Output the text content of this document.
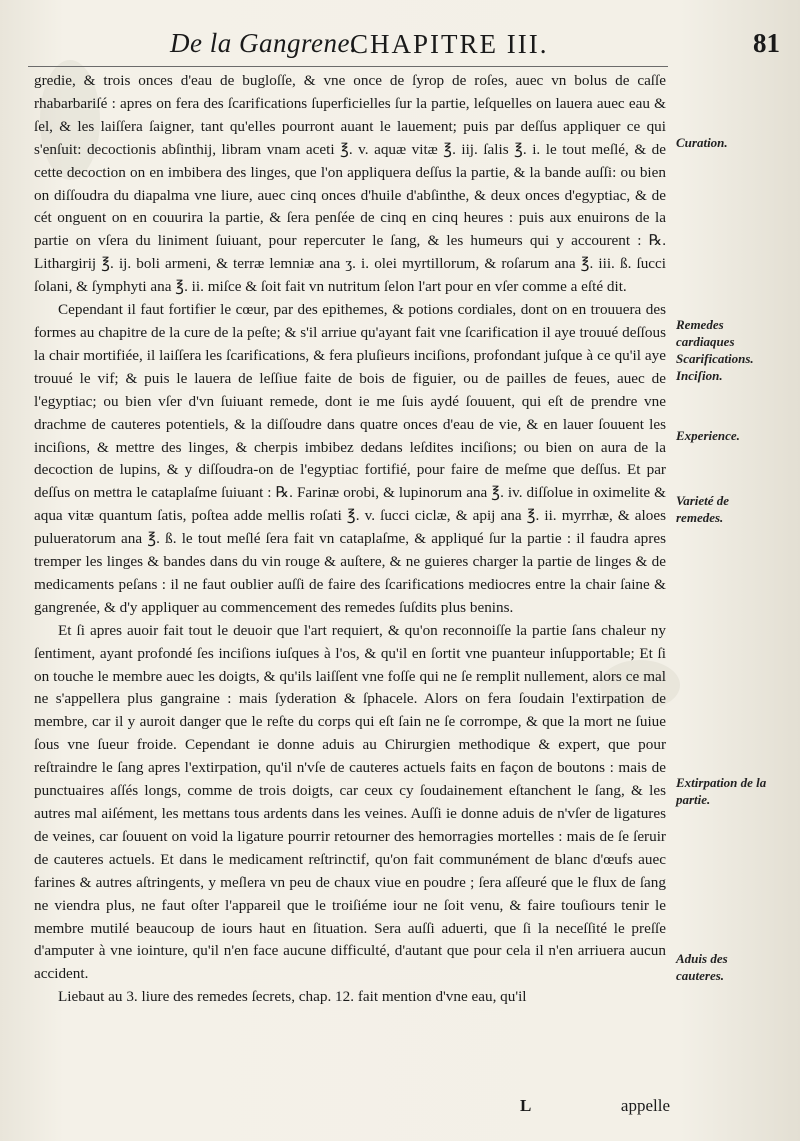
De la Gangrene.
CHAPITRE III.	81

gredie, & trois onces d'eau de bugloſſe, & vne once de ſyrop de roſes, auec vn bolus de caſſe rhabarbariſé : apres on fera des ſcarifications ſuperficielles ſur la partie, leſquelles on lauera auec eau & ſel, & les laiſſera ſaigner, tant qu'elles pourront auant le lauement; puis par deſſus appliquer ce qui s'enſuit: decoctionis abſinthij, libram vnam aceti ℥. v. aquæ vitæ ℥. iij. ſalis ℥. i. le tout meſlé, & de cette decoction on en imbibera des linges, que l'on appliquera deſſus la partie, & la bande auſſi: ou bien on diſſoudra du diapalma vne liure, auec cinq onces d'huile d'abſinthe, & deux onces d'egyptiac, & de cét onguent on en couurira la partie, & ſera penſée de cinq en cinq heures : puis aux enuirons de la partie on vſera du liniment ſuiuant, pour repercuter le ſang, & les humeurs qui y accourent : ℞. Lithargirij ℥. ij. boli armeni, & terræ lemniæ ana ʒ. i. olei myrtillorum, & roſarum ana ℥. iii. ß. ſucci ſolani, & ſymphyti ana ℥. ii. miſce & ſoit fait vn nutritum ſelon l'art pour en vſer comme a eſté dit.

Cependant il faut fortifier le cœur, par des epithemes, & potions cordiales, dont on en trouuera des formes au chapitre de la cure de la peſte; & s'il arriue qu'ayant fait vne ſcarification il aye trouué deſſous la chair mortifiée, il laiſſera les ſcarifications, & fera pluſieurs inciſions, profondant juſque à ce qu'il aye trouué le vif; & puis le lauera de leſſiue faite de bois de figuier, ou de pailles de feues, auec de l'egyptiac; ou bien vſer d'vn ſuiuant remede, dont ie me ſuis aydé ſouuent, qui eſt de prendre vne drachme de cauteres potentiels, & la diſſoudre dans quatre onces d'eau de vie, & en lauer ſouuent les inciſions, & mettre des linges, & cherpis imbibez dedans leſdites inciſions; ou bien on aura de la decoction de lupins, & y diſſoudra-on de l'egyptiac fortifié, pour faire de meſme que deſſus. Et par deſſus on mettra le cataplaſme ſuiuant : ℞. Farinæ orobi, & lupinorum ana ℥. iv. diſſolue in oximelite & aqua vitæ quantum ſatis, poſtea adde mellis roſati ℥. v. ſucci ciclæ, & apij ana ℥. ii. myrrhæ, & aloes pulueratorum ana ℥. ß. le tout meſlé ſera fait vn cataplaſme, & appliqué ſur la partie : il faudra apres tremper les linges & bandes dans du vin rouge & auſtere, & ne guieres charger la partie de linges & de medicaments peſans : il ne faut oublier auſſi de faire des ſcarifications mediocres entre la chair ſaine & gangrenée, & d'y appliquer au commencement des remedes ſuſdits plus benins.

Et ſi apres auoir fait tout le deuoir que l'art requiert, & qu'on reconnoiſſe la partie ſans chaleur ny ſentiment, ayant profondé ſes inciſions iuſques à l'os, & qu'il en ſortit vne puanteur inſupportable; Et ſi on touche le membre auec les doigts, & qu'ils laiſſent vne foſſe qui ne ſe remplit nullement, alors ce mal ne s'appellera plus gangraine : mais ſyderation & ſphacele. Alors on fera ſoudain l'extirpation de membre, car il y auroit danger que le reſte du corps qui eſt ſain ne ſe corrompe, & que la mort ne ſuiue ſous vne ſueur froide. Cependant ie donne aduis au Chirurgien methodique & expert, que pour reſtraindre le ſang apres l'extirpation, qu'il n'vſe de cauteres actuels faits en façon de boutons : mais de punctuaires aſſés longs, comme de trois doigts, car ceux cy ſoudainement eſtanchent le ſang, & les autres mal aiſément, les mettans tous ardents dans les veines. Auſſi ie donne aduis de n'vſer de ligatures de veines, car ſouuent on void la ligature pourrir retourner des hemorragies mortelles : mais de ſe ſeruir de cauteres actuels. Et dans le medicament reſtrinctif, qu'on fait communément de blanc d'œufs auec farines & autres aſtringents, y meſlera vn peu de chaux viue en poudre ; ſera aſſeuré que le flux de ſang ne viendra plus, ne faut oſter l'appareil que le troiſiéme iour ne ſoit venu, & faire touſiours tenir le membre mutilé beaucoup de iours haut en ſituation. Sera auſſi aduerti, que ſi la neceſſité le preſſe d'amputer à vne iointure, qu'il n'en face aucune difficulté, d'autant que pour cela il n'en arriuera aucun accident.

Liebaut au 3. liure des remedes ſecrets, chap. 12. fait mention d'vne eau, qu'il

Curation.
Remedes cardiaques Scarifications. Inciſion.
Experience.
Varieté de remedes.
Extirpation de la partie.
Aduis des cauteres.
L	appelle
